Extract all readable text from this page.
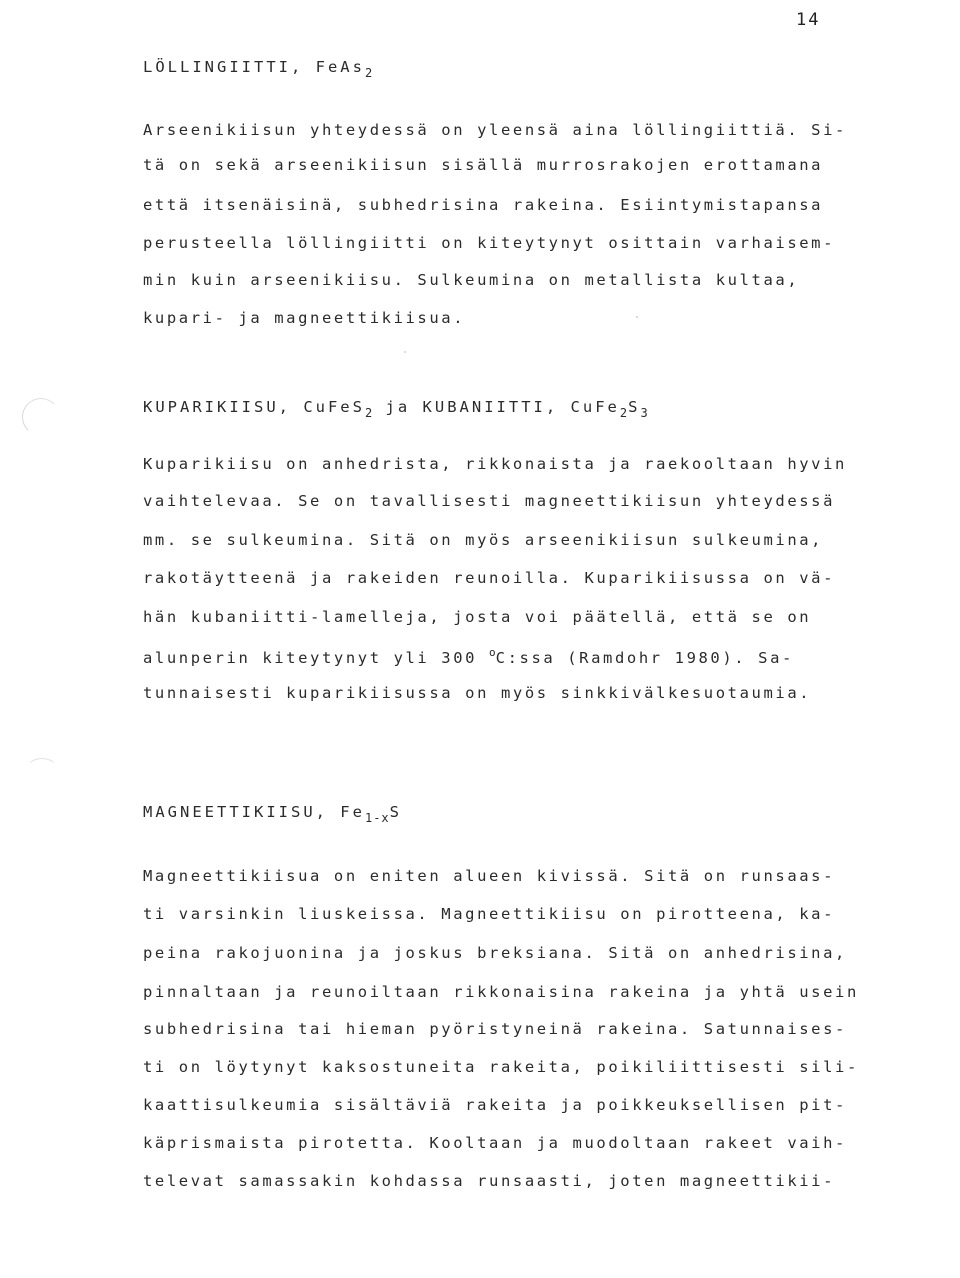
14
LÖLLINGIITTI, FeAs$_2$
Arseenikiisun yhteydessä on yleensä aina löllingiittiä. Si-
tä on sekä arseenikiisun sisällä murrosrakojen erottamana
että itsenäisinä, subhedrisina rakeina. Esiintymistapansa
perusteella löllingiitti on kiteytynyt osittain varhaisem-
min kuin arseenikiisu. Sulkeumina on metallista kultaa,
kupari- ja magneettikiisua.
KUPARIKIISU, CuFeS$_2$ ja KUBANIITTI, $CuFe_2S_3$
Kuparikiisu on anhedrista, rikkonaista ja raekooltaan hyvin
vaihtelevaa. Se on tavallisesti magneettikiisun yhteydessä
mm. se sulkeumina. Sitä on myös arseenikiisun sulkeumina,
rakotäytteenä ja rakeiden reunoilla. Kuparikiisussa on vä-
hän kubaniitti-lamelleja, josta voi päätellä, että se on
alunperin kiteytynyt yli 300 $^o$C:ssa (Ramdohr 1980). Sa-
tunnaisesti kuparikiisussa on myös sinkkivälkesuotaumia.
MAGNEETTIKIISU, $Fe_{1-x}S$
Magneettikiisua on eniten alueen kivissä. Sitä on runsaas-
ti varsinkin liuskeissa. Magneettikiisu on pirotteena, ka-
peina rakojuonina ja joskus breksiana. Sitä on anhedrisina,
pinnaltaan ja reunoiltaan rikkonaisina rakeina ja yhtä usein
subhedrisina tai hieman pyöristyneinä rakeina. Satunnaises-
ti on löytynyt kaksostuneita rakeita, poikiliittisesti sili-
kaattisulkeumia sisältäviä rakeita ja poikkeuksellisen pit-
käprismaista pirotetta. Kooltaan ja muodoltaan rakeet vaih-
televat samassakin kohdassa runsaasti, joten magneettikii-
